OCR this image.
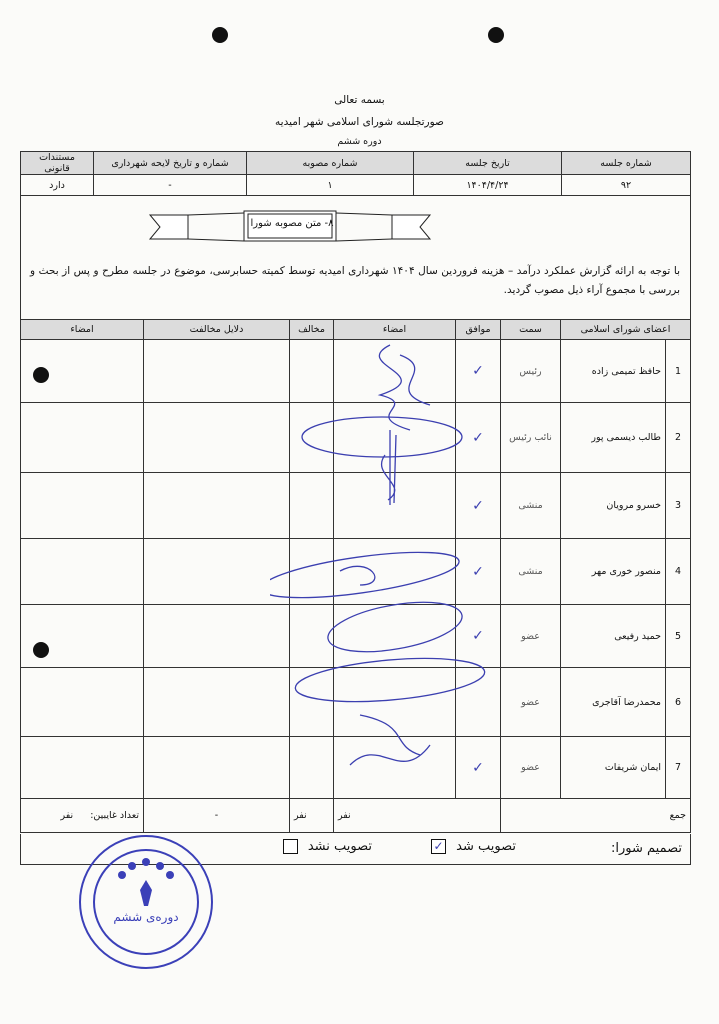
بسمه تعالی
صورتجلسه شورای اسلامی شهر امیدیه
دوره ششم
شماره جلسه	تاریخ جلسه	شماره مصوبه	شماره و تاریخ لایحه شهرداری	مستندات قانونی
۹۲	۱۴۰۴/۴/۲۴	۱	-	دارد
۸- متن مصوبه شورا
با توجه به ارائه گزارش عملکرد درآمد – هزینه فروردین سال ۱۴۰۴ شهرداری امیدیه توسط کمیته حسابرسی، موضوع در جلسه مطرح و پس از بحث و بررسی با مجموع آراء ذیل مصوب گردید.
اعضای شورای اسلامی		سمت	موافق	امضاء	مخالف	دلایل مخالفت	امضاء
1	حافظ تمیمی زاده	رئیس	✓				
2	طالب دیسمی پور	نائب رئیس	✓				
3	خسرو مرویان	منشی	✓				
4	منصور خوری مهر	منشی	✓				
5	حمید رفیعی	عضو	✓				
6	محمدرضا آقاجری	عضو					
7	ایمان شریفات	عضو	✓				
جمع			نفر		نفر	-	تعداد غایبین: نفر
تصمیم شورا:
تصویب شد
✓
تصویب نشد
دوره‌ی ششم
